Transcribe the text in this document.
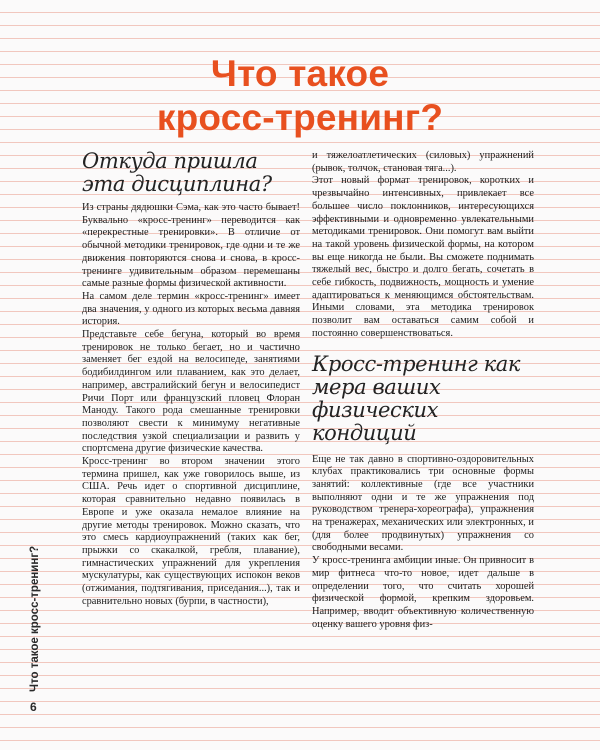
Что такое
кросс-тренинг?
Откуда пришла эта дисциплина?

Из страны дядюшки Сэма, как это часто бывает! Буквально «кросс-тренинг» переводится как «перекрестные тренировки». В отличие от обычной методики тренировок, где одни и те же движения повторяются снова и снова, в кросс-тренинге удивительным образом перемешаны самые разные формы физической активности.

На самом деле термин «кросс-тренинг» имеет два значения, у одного из которых весьма давняя история.

Представьте себе бегуна, который во время тренировок не только бегает, но и частично заменяет бег ездой на велосипеде, занятиями бодибилдингом или плаванием, как это делает, например, австралийский бегун и велосипедист Ричи Порт или французский пловец Флоран Маноду. Такого рода смешанные тренировки позволяют свести к минимуму негативные последствия узкой специализации и развить у спортсмена другие физические качества.

Кросс-тренинг во втором значении этого термина пришел, как уже говорилось выше, из США. Речь идет о спортивной дисциплине, которая сравнительно недавно появилась в Европе и уже оказала немалое влияние на другие методы тренировок. Можно сказать, что это смесь кардиоупражнений (таких как бег, прыжки со скакалкой, гребля, плавание), гимнастических упражнений для укрепления мускулатуры, как существующих испокон веков (отжимания, подтягивания, приседания...), так и сравнительно новых (бурпи, в частности),

и тяжелоатлетических (силовых) упражнений (рывок, толчок, становая тяга...).

Этот новый формат тренировок, коротких и чрезвычайно интенсивных, привлекает все большее число поклонников, интересующихся эффективными и одновременно увлекательными методиками тренировок. Они помогут вам выйти на такой уровень физической формы, на котором вы еще никогда не были. Вы сможете поднимать тяжелый вес, быстро и долго бегать, сочетать в себе гибкость, подвижность, мощность и умение адаптироваться к меняющимся обстоятельствам. Иными словами, эта методика тренировок позволит вам оставаться самим собой и постоянно совершенствоваться.

Кросс-тренинг как мера ваших физических кондиций

Еще не так давно в спортивно-оздоровительных клубах практиковались три основные формы занятий: коллективные (где все участники выполняют одни и те же упражнения под руководством тренера-хореографа), упражнения на тренажерах, механических или электронных, и (для более продвинутых) упражнения со свободными весами.

У кросс-тренинга амбиции иные. Он привносит в мир фитнеса что-то новое, идет дальше в определении того, что считать хорошей физической формой, крепким здоровьем. Например, вводит объективную количественную оценку вашего уровня физ-

Что такое кросс-тренинг?
6
